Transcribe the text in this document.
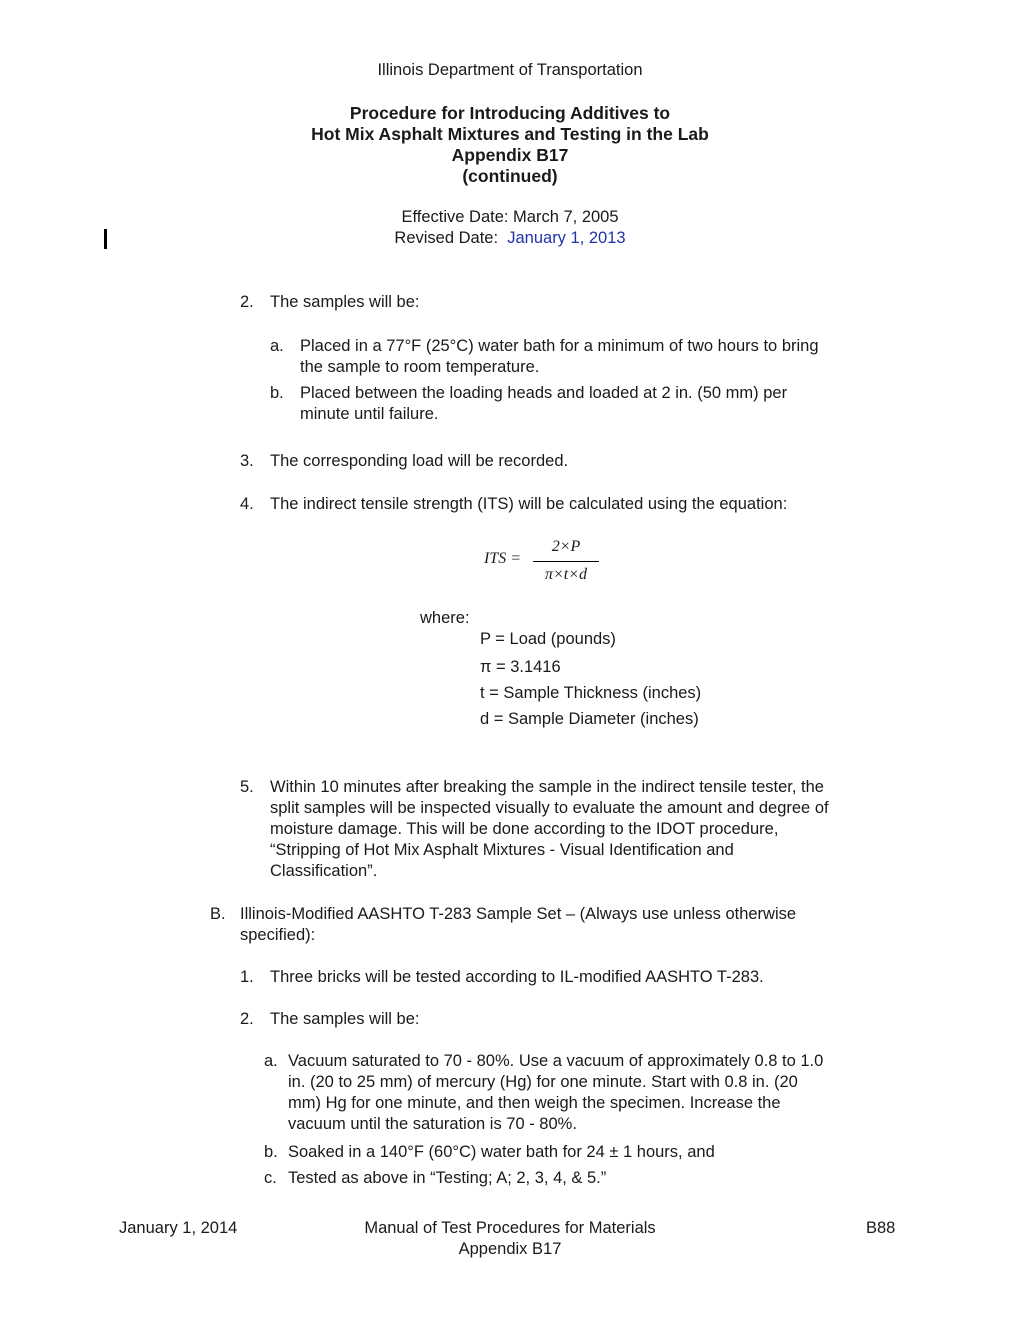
Illinois Department of Transportation
Procedure for Introducing Additives to
Hot Mix Asphalt Mixtures and Testing in the Lab
Appendix B17
(continued)
Effective Date: March 7, 2005
Revised Date: January 1, 2013
2. The samples will be:
a. Placed in a 77°F (25°C) water bath for a minimum of two hours to bring
the sample to room temperature.
b. Placed between the loading heads and loaded at 2 in. (50 mm) per
minute until failure.
3. The corresponding load will be recorded.
4. The indirect tensile strength (ITS) will be calculated using the equation:
ITS =
2×P
π×t×d
where:
P = Load (pounds)
π = 3.1416
t = Sample Thickness (inches)
d = Sample Diameter (inches)
5. Within 10 minutes after breaking the sample in the indirect tensile tester, the
split samples will be inspected visually to evaluate the amount and degree of
moisture damage. This will be done according to the IDOT procedure,
“Stripping of Hot Mix Asphalt Mixtures - Visual Identification and
Classification”.
B. Illinois-Modified AASHTO T-283 Sample Set – (Always use unless otherwise
specified):
1. Three bricks will be tested according to IL-modified AASHTO T-283.
2. The samples will be:
a. Vacuum saturated to 70 - 80%. Use a vacuum of approximately 0.8 to 1.0
in. (20 to 25 mm) of mercury (Hg) for one minute. Start with 0.8 in. (20
mm) Hg for one minute, and then weigh the specimen. Increase the
vacuum until the saturation is 70 - 80%.
b. Soaked in a 140°F (60°C) water bath for 24 ± 1 hours, and
c. Tested as above in “Testing; A; 2, 3, 4, & 5.”
January 1, 2014	Manual of Test Procedures for Materials
Appendix B17
B88
